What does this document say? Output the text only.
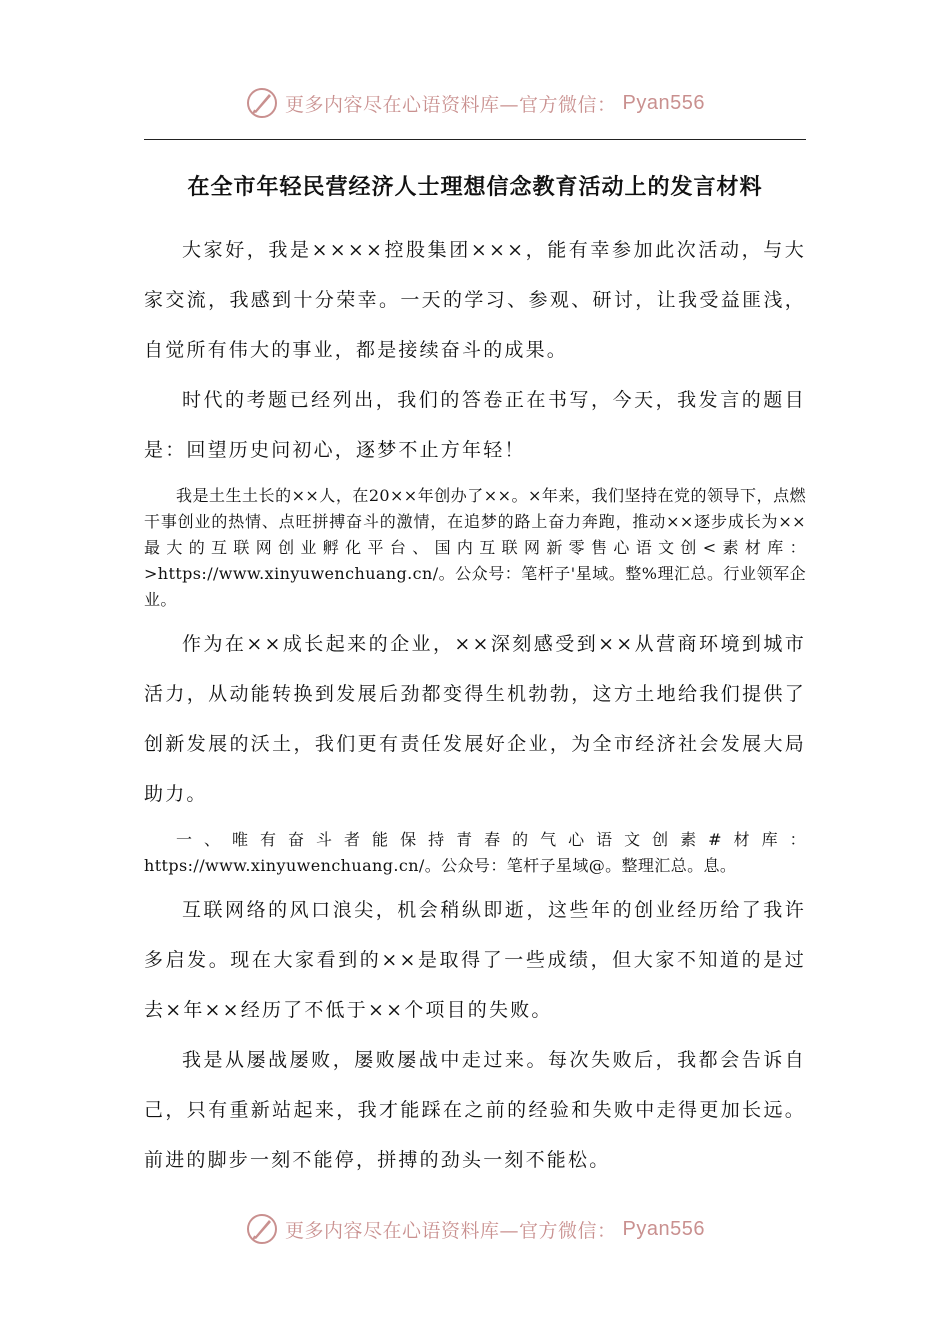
更多内容尽在心语资料库—官方微信： Pyan556
在全市年轻民营经济人士理想信念教育活动上的发言材料

大家好，我是××××控股集团×××，能有幸参加此次活动，与大家交流，我感到十分荣幸。一天的学习、参观、研讨，让我受益匪浅，自觉所有伟大的事业，都是接续奋斗的成果。

时代的考题已经列出，我们的答卷正在书写，今天，我发言的题目是：回望历史问初心，逐梦不止方年轻！

我是土生土长的××人，在20××年创办了××。×年来，我们坚持在党的领导下，点燃干事创业的热情、点旺拼搏奋斗的激情，在追梦的路上奋力奔跑，推动××逐步成长为××最大的互联网创业孵化平台、国内互联网新零售心语文创<素材库：>https://www.xinyuwenchuang.cn/。公众号：笔杆子'星域。整%理汇总。行业领军企业。

作为在××成长起来的企业，××深刻感受到××从营商环境到城市活力，从动能转换到发展后劲都变得生机勃勃，这方土地给我们提供了创新发展的沃土，我们更有责任发展好企业，为全市经济社会发展大局助力。

一、唯有奋斗者能保持青春的气心语文创素#材库：https://www.xinyuwenchuang.cn/。公众号：笔杆子星域@。整理汇总。息。

互联网络的风口浪尖，机会稍纵即逝，这些年的创业经历给了我许多启发。现在大家看到的××是取得了一些成绩，但大家不知道的是过去×年××经历了不低于××个项目的失败。

我是从屡战屡败，屡败屡战中走过来。每次失败后，我都会告诉自己，只有重新站起来，我才能踩在之前的经验和失败中走得更加长远。前进的脚步一刻不能停，拼搏的劲头一刻不能松。

更多内容尽在心语资料库—官方微信： Pyan556
